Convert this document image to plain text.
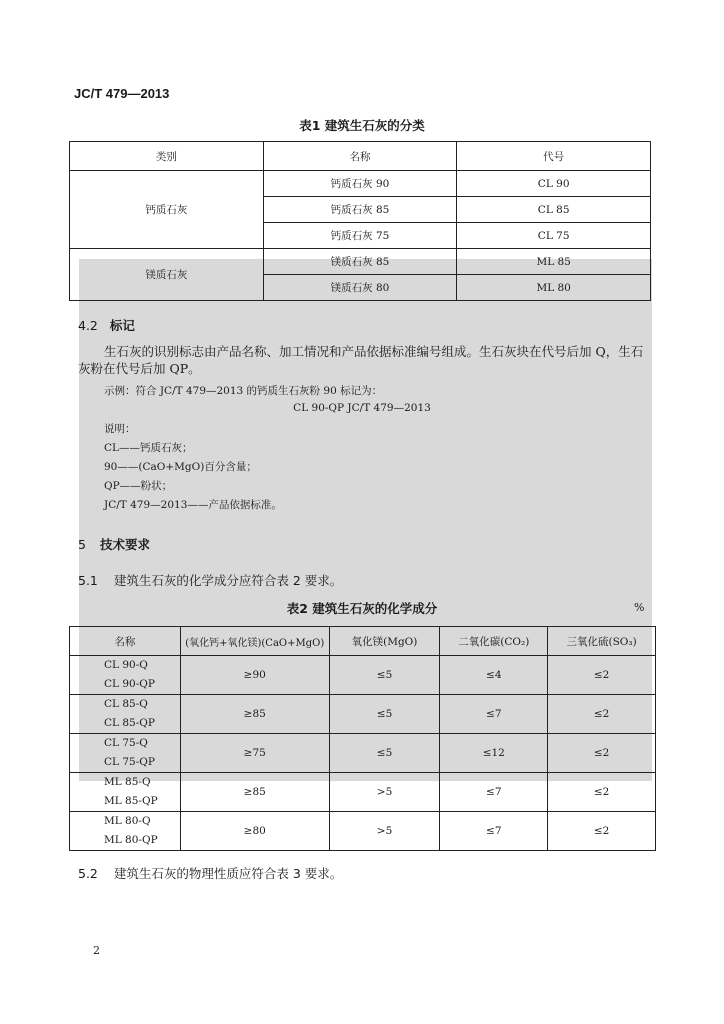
JC/T 479—2013
表1 建筑生石灰的分类
类别	名称	代号
钙质石灰	钙质石灰 90	CL 90
	钙质石灰 85	CL 85
	钙质石灰 75	CL 75
镁质石灰	镁质石灰 85	ML 85
	镁质石灰 80	ML 80
4.2 标记
生石灰的识别标志由产品名称、加工情况和产品依据标准编号组成。生石灰块在代号后加 Q，生石
灰粉在代号后加 QP。
示例：符合 JC/T 479—2013 的钙质生石灰粉 90 标记为：
CL 90-QP JC/T 479—2013
说明：
CL——钙质石灰；
90——(CaO+MgO)百分含量；
QP——粉状；
JC/T 479—2013——产品依据标准。
5 技术要求
5.1 建筑生石灰的化学成分应符合表 2 要求。
表2 建筑生石灰的化学成分	%
名称	(氧化钙+氧化镁)(CaO+MgO)	氧化镁(MgO)	二氧化碳(CO₂)	三氧化硫(SO₃)
CL 90-Q
CL 90-QP	≥90	≤5	≤4	≤2
CL 85-Q
CL 85-QP	≥85	≤5	≤7	≤2
CL 75-Q
CL 75-QP	≥75	≤5	≤12	≤2
ML 85-Q
ML 85-QP	≥85	>5	≤7	≤2
ML 80-Q
ML 80-QP	≥80	>5	≤7	≤2
5.2 建筑生石灰的物理性质应符合表 3 要求。
2
